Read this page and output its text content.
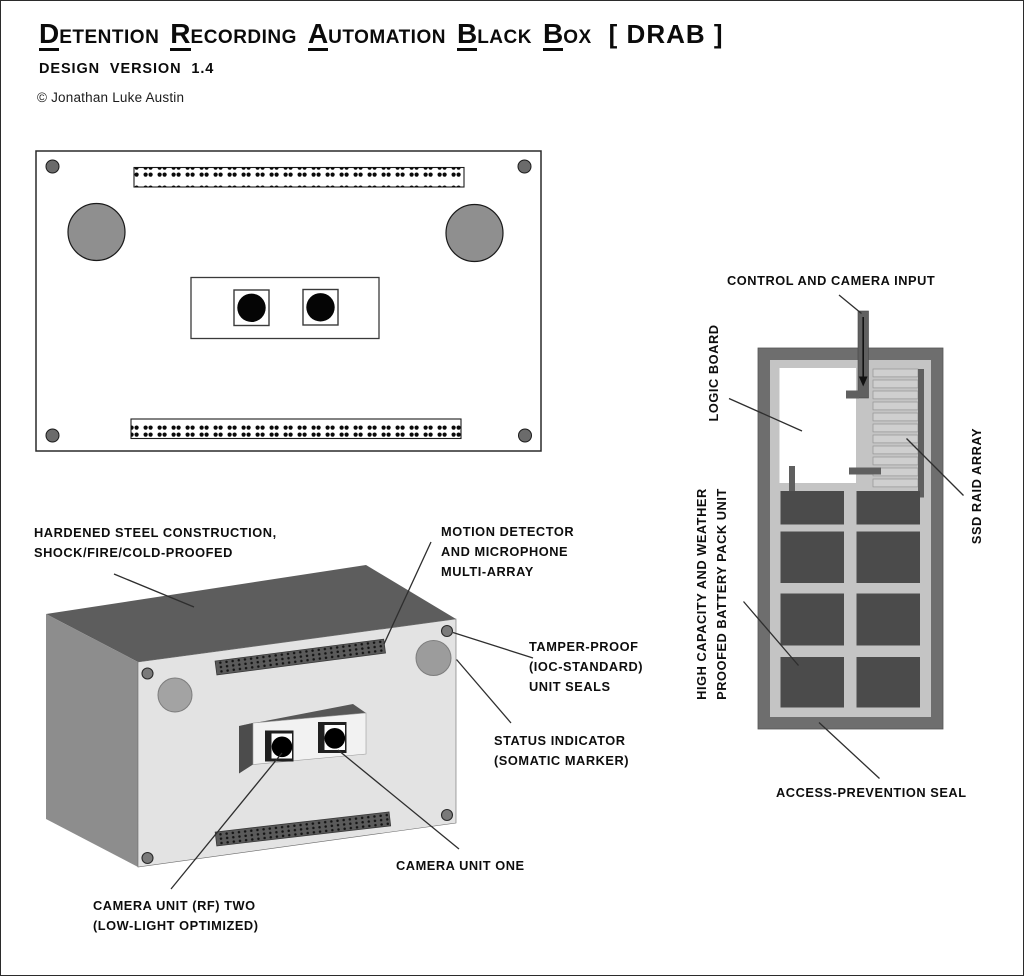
DETENTION RECORDING AUTOMATION BLACK BOX [ DRAB ]
DESIGN VERSION 1.4
© Jonathan Luke Austin
HARDENED STEEL CONSTRUCTION,
SHOCK/FIRE/COLD-PROOFED
MOTION DETECTOR
AND MICROPHONE
MULTI-ARRAY
TAMPER-PROOF
(IOC-STANDARD)
UNIT SEALS
STATUS INDICATOR
(SOMATIC MARKER)
CAMERA UNIT ONE
CAMERA UNIT (RF) TWO
(LOW-LIGHT OPTIMIZED)
CONTROL AND CAMERA INPUT
ACCESS-PREVENTION SEAL
LOGIC BOARD
HIGH CAPACITY AND WEATHER PROOFED BATTERY PACK UNIT
SSD RAID ARRAY
